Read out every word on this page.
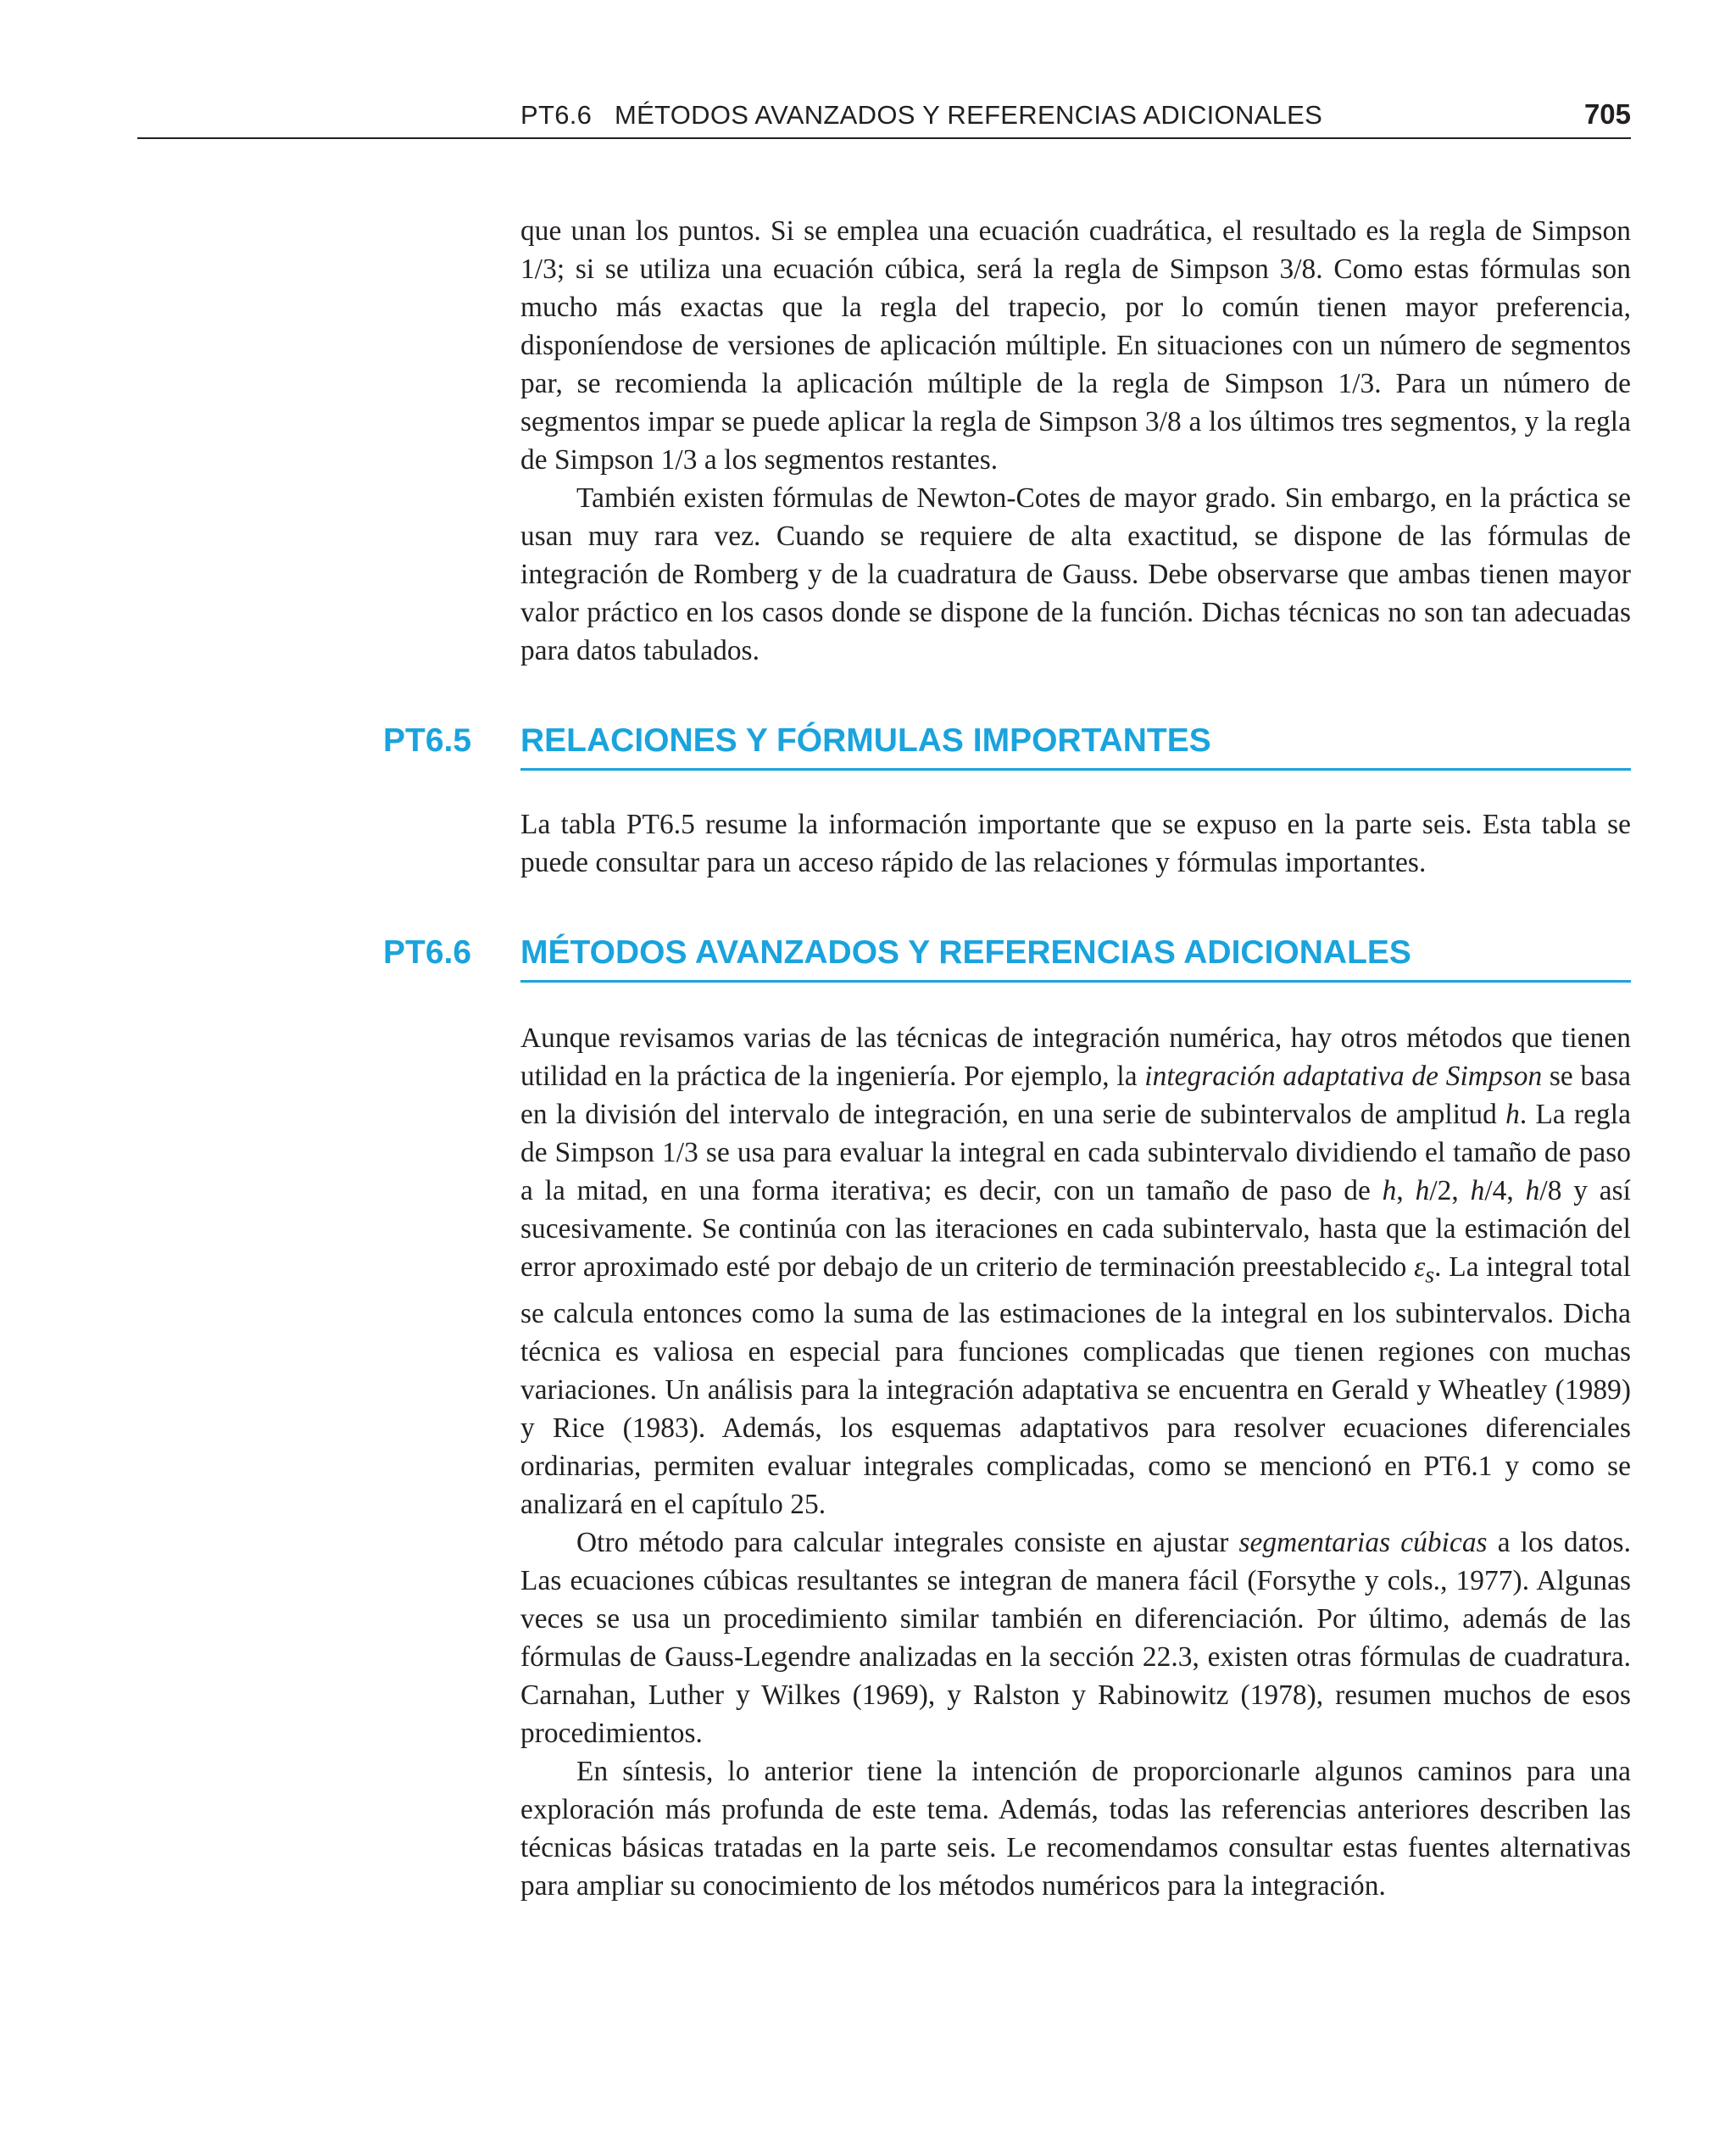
PT6.6   MÉTODOS AVANZADOS Y REFERENCIAS ADICIONALES	705

que unan los puntos. Si se emplea una ecuación cuadrática, el resultado es la regla de Simpson 1/3; si se utiliza una ecuación cúbica, será la regla de Simpson 3/8. Como estas fórmulas son mucho más exactas que la regla del trapecio, por lo común tienen mayor preferencia, disponíendose de versiones de aplicación múltiple. En situaciones con un número de segmentos par, se recomienda la aplicación múltiple de la regla de Simpson 1/3. Para un número de segmentos impar se puede aplicar la regla de Simpson 3/8 a los últimos tres segmentos, y la regla de Simpson 1/3 a los segmentos restantes.

También existen fórmulas de Newton-Cotes de mayor grado. Sin embargo, en la práctica se usan muy rara vez. Cuando se requiere de alta exactitud, se dispone de las fórmulas de integración de Romberg y de la cuadratura de Gauss. Debe observarse que ambas tienen mayor valor práctico en los casos donde se dispone de la función. Dichas técnicas no son tan adecuadas para datos tabulados.

PT6.5 RELACIONES Y FÓRMULAS IMPORTANTES

La tabla PT6.5 resume la información importante que se expuso en la parte seis. Esta tabla se puede consultar para un acceso rápido de las relaciones y fórmulas importantes.

PT6.6 MÉTODOS AVANZADOS Y REFERENCIAS ADICIONALES

Aunque revisamos varias de las técnicas de integración numérica, hay otros métodos que tienen utilidad en la práctica de la ingeniería. Por ejemplo, la integración adaptativa de Simpson se basa en la división del intervalo de integración, en una serie de subintervalos de amplitud h. La regla de Simpson 1/3 se usa para evaluar la integral en cada subintervalo dividiendo el tamaño de paso a la mitad, en una forma iterativa; es decir, con un tamaño de paso de h, h/2, h/4, h/8 y así sucesivamente. Se continúa con las iteraciones en cada subintervalo, hasta que la estimación del error aproximado esté por debajo de un criterio de terminación preestablecido $\varepsilon_s$. La integral total se calcula entonces como la suma de las estimaciones de la integral en los subintervalos. Dicha técnica es valiosa en especial para funciones complicadas que tienen regiones con muchas variaciones. Un análisis para la integración adaptativa se encuentra en Gerald y Wheatley (1989) y Rice (1983). Además, los esquemas adaptativos para resolver ecuaciones diferenciales ordinarias, permiten evaluar integrales complicadas, como se mencionó en PT6.1 y como se analizará en el capítulo 25.

Otro método para calcular integrales consiste en ajustar segmentarias cúbicas a los datos. Las ecuaciones cúbicas resultantes se integran de manera fácil (Forsythe y cols., 1977). Algunas veces se usa un procedimiento similar también en diferenciación. Por último, además de las fórmulas de Gauss-Legendre analizadas en la sección 22.3, existen otras fórmulas de cuadratura. Carnahan, Luther y Wilkes (1969), y Ralston y Rabinowitz (1978), resumen muchos de esos procedimientos.

En síntesis, lo anterior tiene la intención de proporcionarle algunos caminos para una exploración más profunda de este tema. Además, todas las referencias anteriores describen las técnicas básicas tratadas en la parte seis. Le recomendamos consultar estas fuentes alternativas para ampliar su conocimiento de los métodos numéricos para la integración.
